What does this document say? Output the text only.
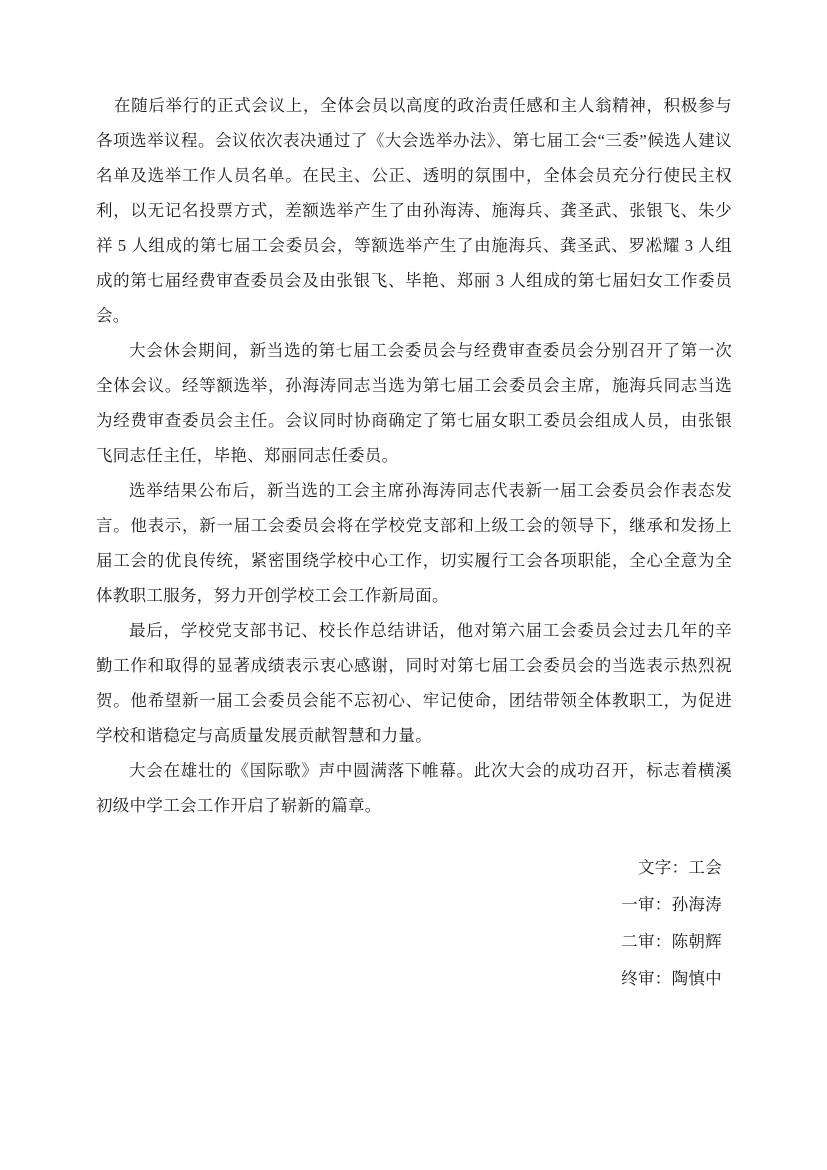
在随后举行的正式会议上，全体会员以高度的政治责任感和主人翁精神，积极参与各项选举议程。会议依次表决通过了《大会选举办法》、第七届工会“三委”候选人建议名单及选举工作人员名单。在民主、公正、透明的氛围中，全体会员充分行使民主权利，以无记名投票方式，差额选举产生了由孙海涛、施海兵、龚圣武、张银飞、朱少祥 5 人组成的第七届工会委员会，等额选举产生了由施海兵、龚圣武、罗凇耀 3 人组成的第七届经费审查委员会及由张银飞、毕艳、郑丽 3 人组成的第七届妇女工作委员会。

大会休会期间，新当选的第七届工会委员会与经费审查委员会分别召开了第一次全体会议。经等额选举，孙海涛同志当选为第七届工会委员会主席，施海兵同志当选为经费审查委员会主任。会议同时协商确定了第七届女职工委员会组成人员，由张银飞同志任主任，毕艳、郑丽同志任委员。

选举结果公布后，新当选的工会主席孙海涛同志代表新一届工会委员会作表态发言。他表示，新一届工会委员会将在学校党支部和上级工会的领导下，继承和发扬上届工会的优良传统，紧密围绕学校中心工作，切实履行工会各项职能，全心全意为全体教职工服务，努力开创学校工会工作新局面。

最后，学校党支部书记、校长作总结讲话，他对第六届工会委员会过去几年的辛勤工作和取得的显著成绩表示衷心感谢，同时对第七届工会委员会的当选表示热烈祝贺。他希望新一届工会委员会能不忘初心、牢记使命，团结带领全体教职工，为促进学校和谐稳定与高质量发展贡献智慧和力量。

大会在雄壮的《国际歌》声中圆满落下帷幕。此次大会的成功召开，标志着横溪初级中学工会工作开启了崭新的篇章。

文字：工会

一审：孙海涛

二审：陈朝辉

终审：陶慎中
